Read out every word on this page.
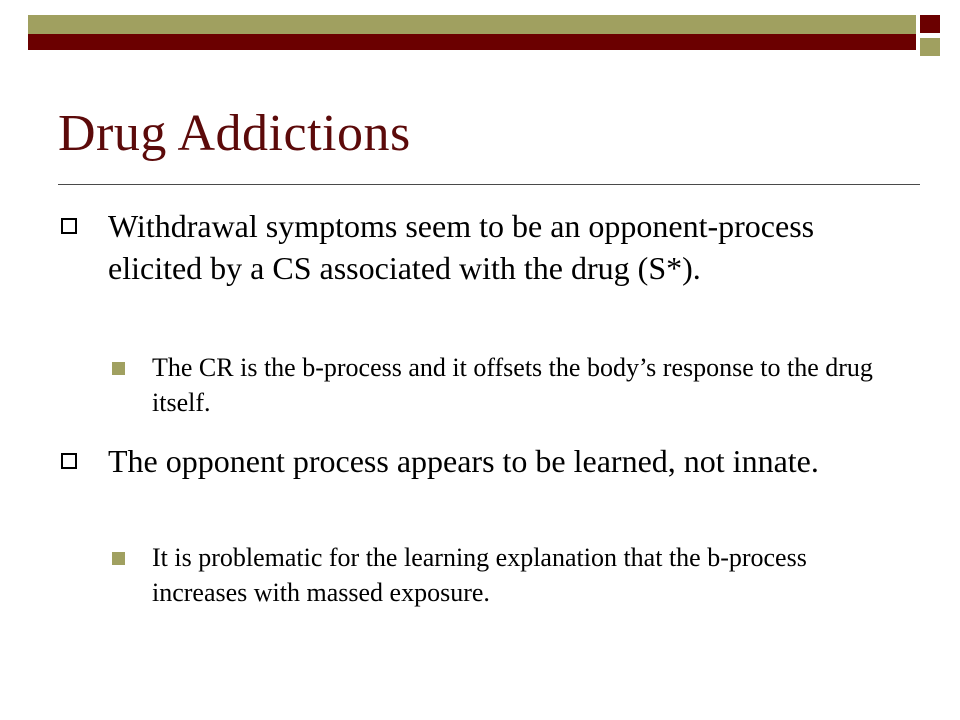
Drug Addictions
Withdrawal symptoms seem to be an opponent-process elicited by a CS associated with the drug (S*).
The CR is the b-process and it offsets the body’s response to the drug itself.
The opponent process appears to be learned, not innate.
It is problematic for the learning explanation that the b-process increases with massed exposure.
